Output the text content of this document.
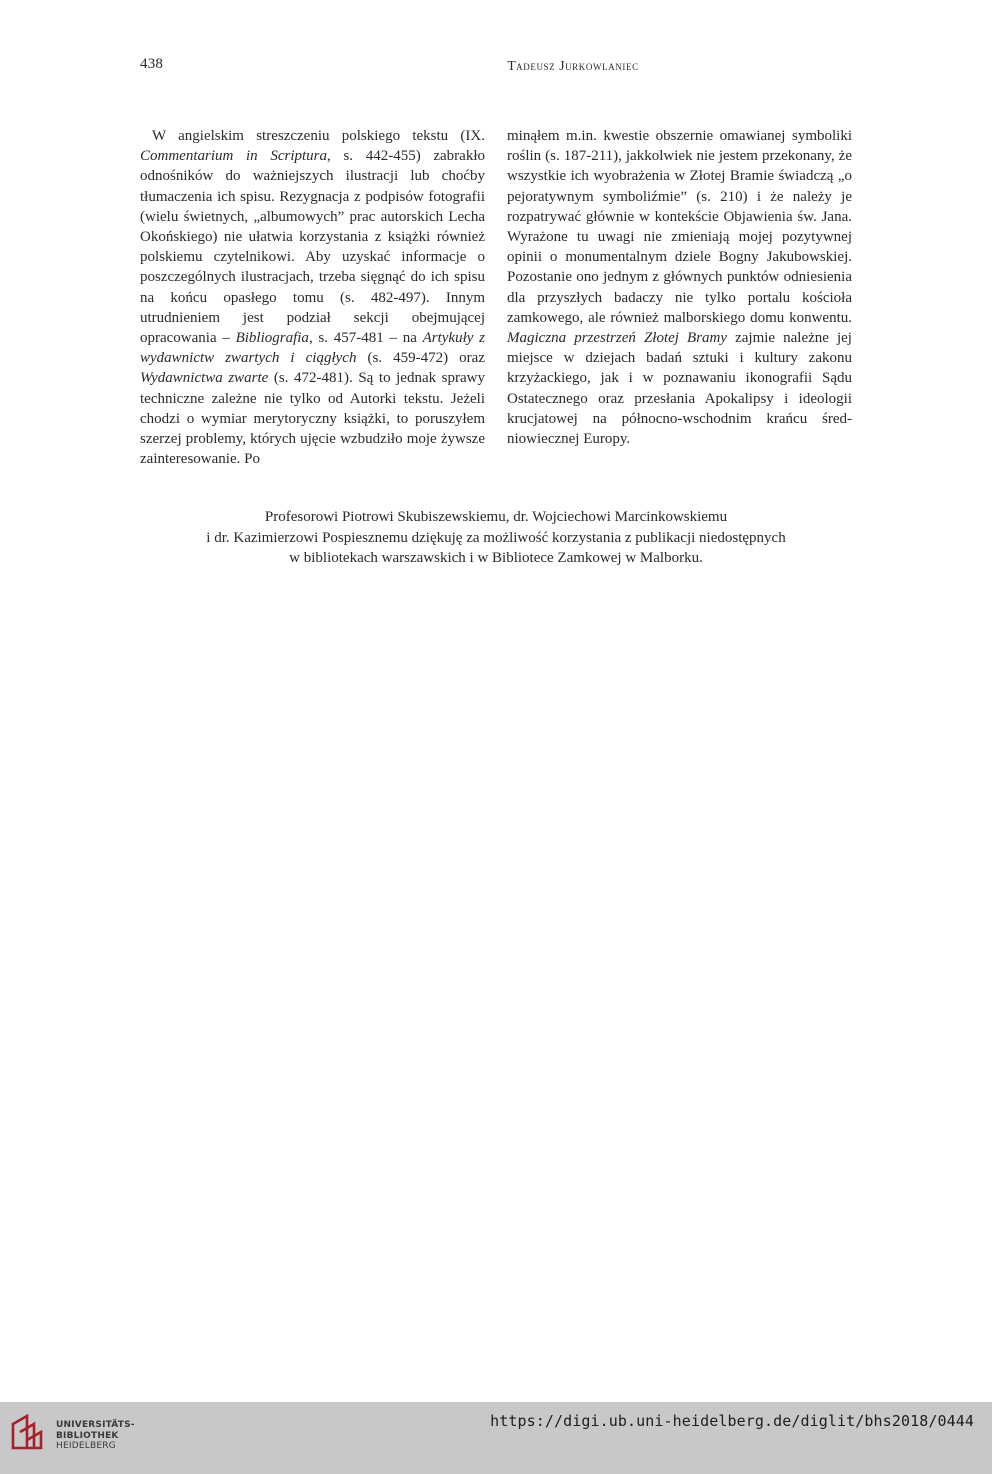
438	Tadeusz Jurkowlaniec

W angielskim streszczeniu polskiego tekstu (IX. Commentarium in Scriptura, s. 442-455) zabrakło odnośników do ważniejszych ilustracji lub choćby tłumaczenia ich spisu. Rezygnacja z podpisów fotografii (wielu świetnych, „albumowych” prac autorskich Lecha Okońskiego) nie ułatwia korzystania z książki również polskiemu czytelnikowi. Aby uzyskać informacje o poszczególnych ilustracjach, trzeba sięgnąć do ich spisu na końcu opasłego tomu (s. 482-497). Innym utrudnieniem jest podział sekcji obejmującej opracowania – Bibliografia, s. 457-481 – na Artykuły z wydawnictw zwartych i ciągłych (s. 459-472) oraz Wydawnictwa zwarte (s. 472-481). Są to jednak sprawy techniczne zależne nie tylko od Autorki tekstu. Jeżeli chodzi o wymiar merytoryczny książki, to poruszyłem szerzej problemy, których ujęcie wzbudziło moje żywsze zainteresowanie. Po

minąłem m.in. kwestie obszernie omawianej symboliki roślin (s. 187-211), jakkolwiek nie jestem przekonany, że wszystkie ich wyobrażenia w Złotej Bramie świadczą „o pejoratywnym symboliźmie” (s. 210) i że należy je rozpatrywać głównie w kontekście Objawienia św. Jana. Wyrażone tu uwagi nie zmieniają mojej pozytywnej opinii o monumentalnym dziele Bogny Jakubowskiej. Pozostanie ono jednym z głównych punktów odniesienia dla przyszłych badaczy nie tylko portalu kościoła zamkowego, ale również malborskiego domu konwentu. Magiczna przestrzeń Złotej Bramy zajmie należne jej miejsce w dziejach badań sztuki i kultury zakonu krzyżackiego, jak i w poznawaniu ikonografii Sądu Ostatecznego oraz przesłania Apokalipsy i ideologii krucjatowej na północno-wschodnim krańcu średniowiecznej Europy.

Profesorowi Piotrowi Skubiszewskiemu, dr. Wojciechowi Marcinkowskiemu
i dr. Kazimierzowi Pospiesznemu dziękuję za możliwość korzystania z publikacji niedostępnych
w bibliotekach warszawskich i w Bibliotece Zamkowej w Malborku.
UNIVERSITÄTS-
BIBLIOTHEK
HEIDELBERG
https://digi.ub.uni-heidelberg.de/diglit/bhs2018/0444
